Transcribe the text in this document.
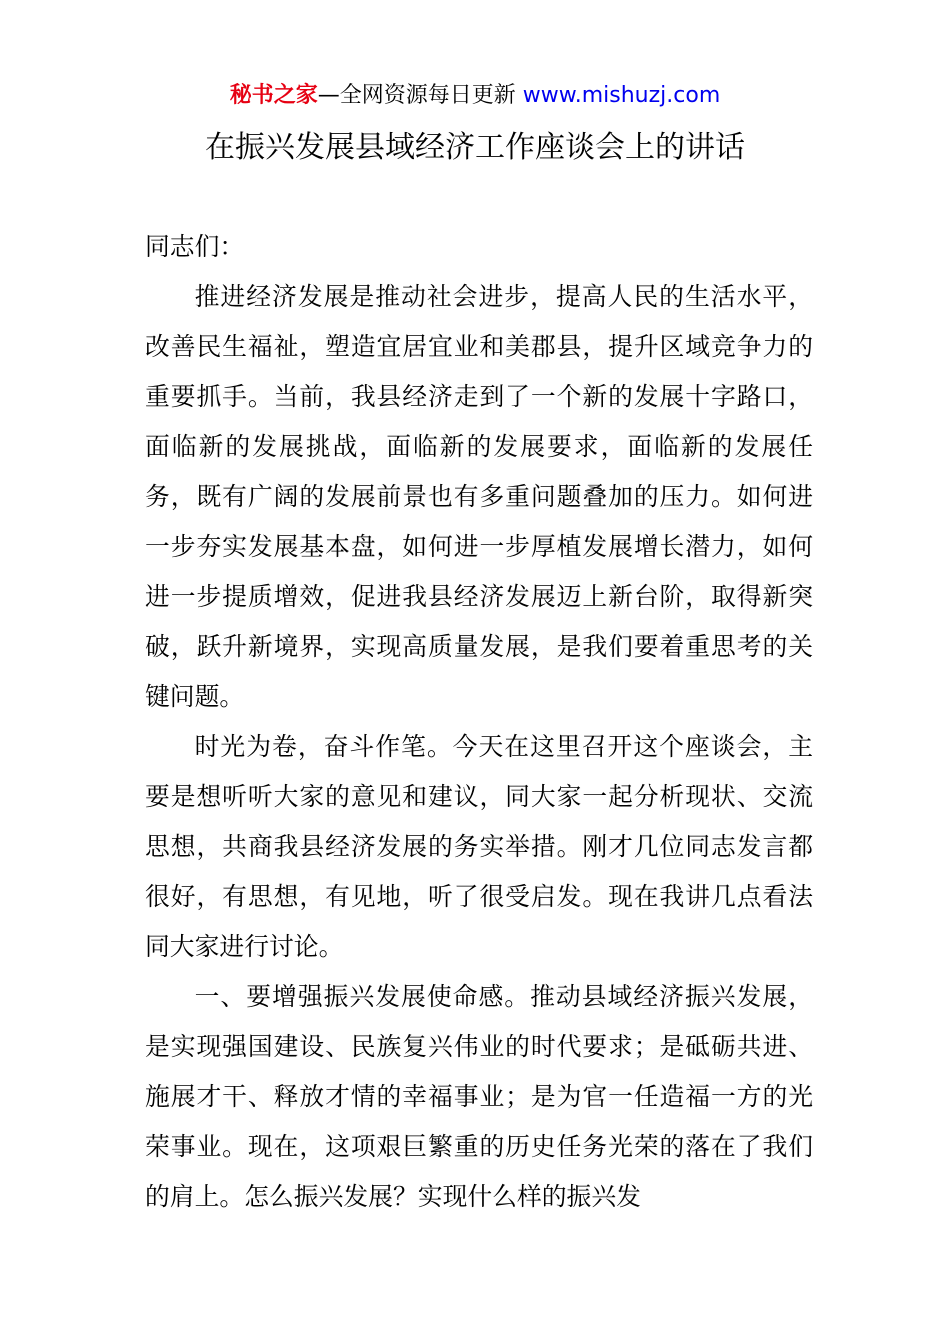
秘书之家—全网资源每日更新 www.mishuzj.com
在振兴发展县域经济工作座谈会上的讲话

同志们：

推进经济发展是推动社会进步，提高人民的生活水平，改善民生福祉，塑造宜居宜业和美郡县，提升区域竞争力的重要抓手。当前，我县经济走到了一个新的发展十字路口，面临新的发展挑战，面临新的发展要求，面临新的发展任务，既有广阔的发展前景也有多重问题叠加的压力。如何进一步夯实发展基本盘，如何进一步厚植发展增长潜力，如何进一步提质增效，促进我县经济发展迈上新台阶，取得新突破，跃升新境界，实现高质量发展，是我们要着重思考的关键问题。

时光为卷，奋斗作笔。今天在这里召开这个座谈会，主要是想听听大家的意见和建议，同大家一起分析现状、交流思想，共商我县经济发展的务实举措。刚才几位同志发言都很好，有思想，有见地，听了很受启发。现在我讲几点看法同大家进行讨论。

一、要增强振兴发展使命感。推动县域经济振兴发展，是实现强国建设、民族复兴伟业的时代要求；是砥砺共进、施展才干、释放才情的幸福事业；是为官一任造福一方的光荣事业。现在，这项艰巨繁重的历史任务光荣的落在了我们的肩上。怎么振兴发展？实现什么样的振兴发
